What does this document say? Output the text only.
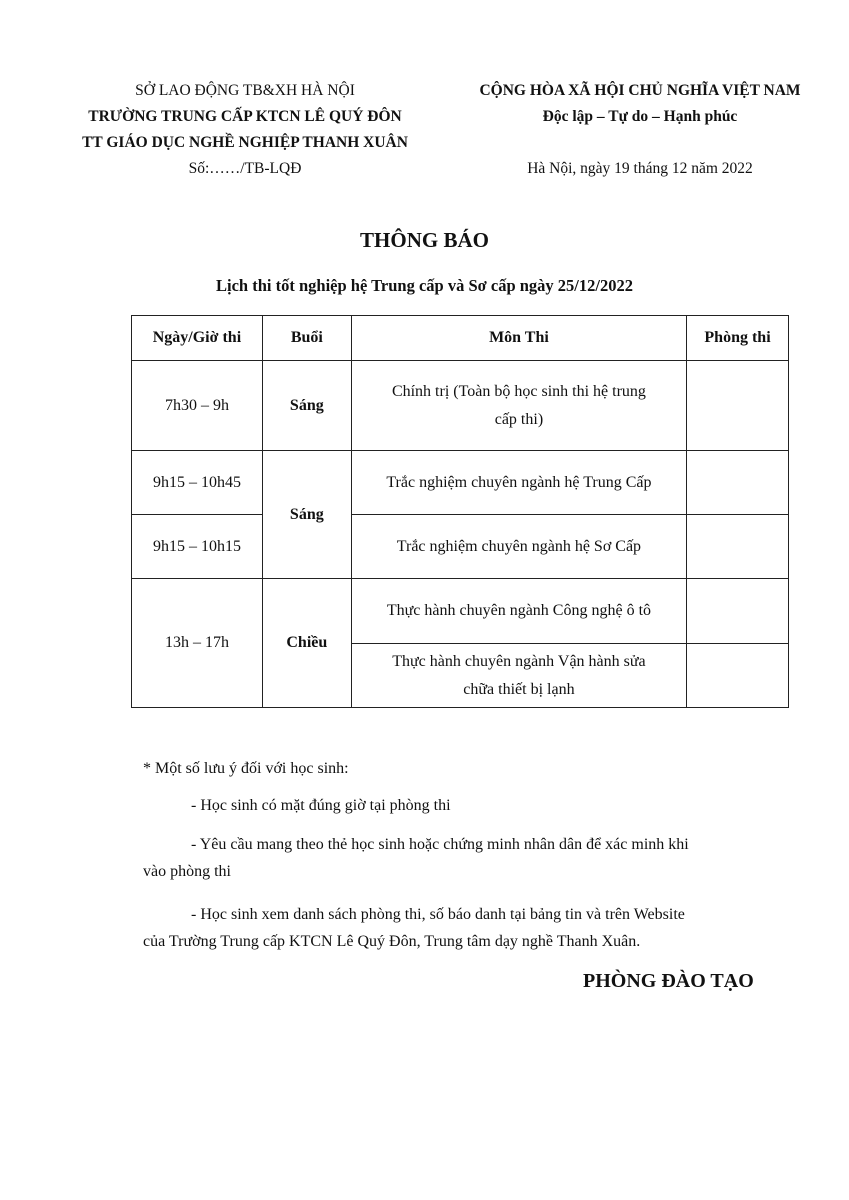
SỞ LAO ĐỘNG TB&XH HÀ NỘI
TRƯỜNG TRUNG CẤP KTCN LÊ QUÝ ĐÔN
TT GIÁO DỤC NGHỀ NGHIỆP THANH XUÂN
CỘNG HÒA XÃ HỘI CHỦ NGHĨA VIỆT NAM
Độc lập – Tự do – Hạnh phúc
Số:……/TB-LQĐ	Hà Nội, ngày 19 tháng 12 năm 2022
THÔNG BÁO
Lịch thi tốt nghiệp hệ Trung cấp và Sơ cấp ngày 25/12/2022
Ngày/Giờ thi	Buổi	Môn Thi	Phòng thi
7h30 – 9h	Sáng	Chính trị (Toàn bộ học sinh thi hệ trung
cấp thi)	

9h15 – 10h45	Sáng	Trắc nghiệm chuyên ngành hệ Trung Cấp	
9h15 – 10h15		Trắc nghiệm chuyên ngành hệ Sơ Cấp	
13h – 17h	Chiều	Thực hành chuyên ngành Công nghệ ô tô	

		Thực hành chuyên ngành Vận hành sửa
chữa thiết bị lạnh	

* Một số lưu ý đối với học sinh:
- Học sinh có mặt đúng giờ tại phòng thi
- Yêu cầu mang theo thẻ học sinh hoặc chứng minh nhân dân để xác minh khi
vào phòng thi
- Học sinh xem danh sách phòng thi, số báo danh tại bảng tin và trên Website
của Trường Trung cấp KTCN Lê Quý Đôn, Trung tâm dạy nghề Thanh Xuân.
PHÒNG ĐÀO TẠO
